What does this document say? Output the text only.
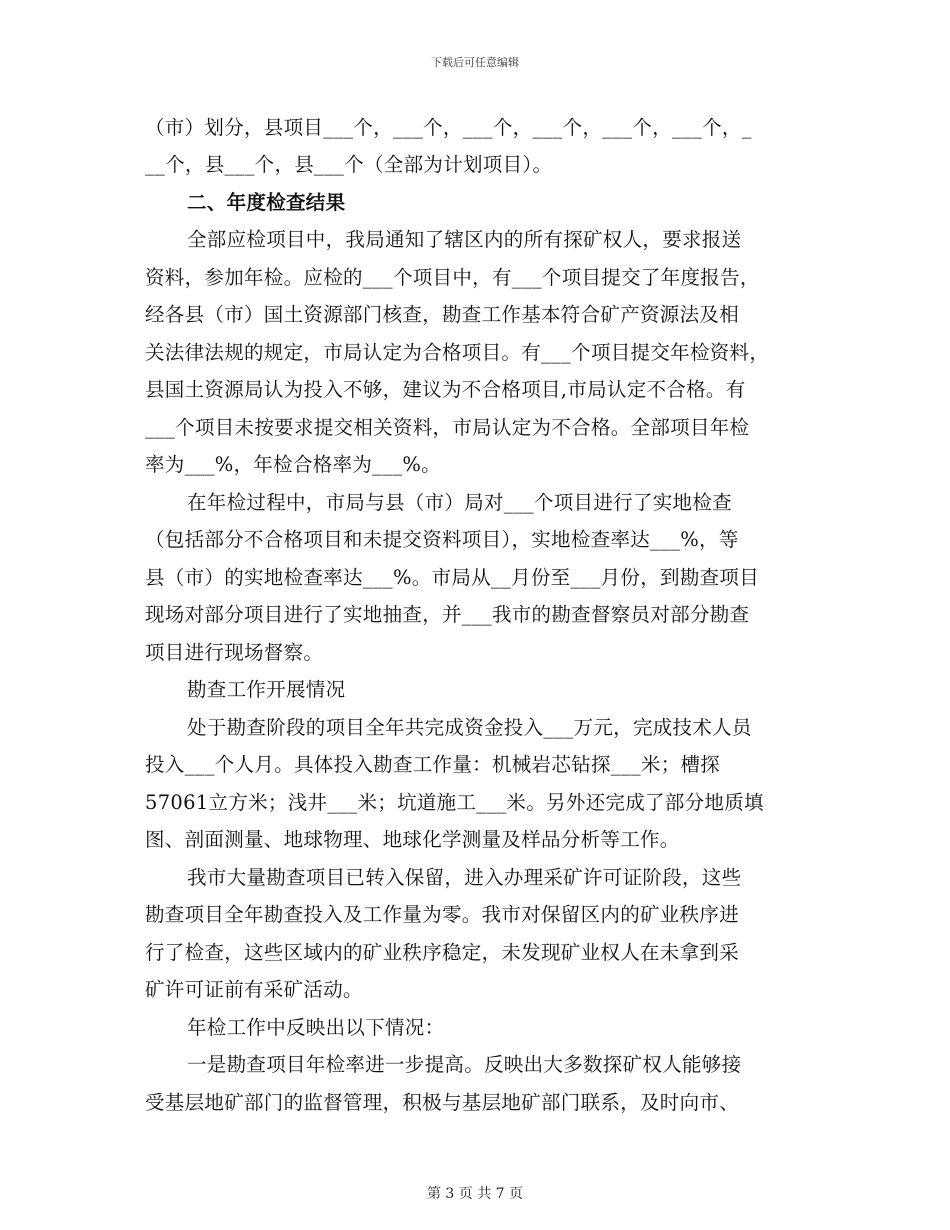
下载后可任意编辑
（市）划分，县项目___个，___个，___个，___个，___个，___个，_
__个，县___个，县___个（全部为计划项目）。
二、年度检查结果
全部应检项目中，我局通知了辖区内的所有探矿权人，要求报送
资料，参加年检。应检的___个项目中，有___个项目提交了年度报告，
经各县（市）国土资源部门核查，勘查工作基本符合矿产资源法及相
关法律法规的规定，市局认定为合格项目。有___个项目提交年检资料，
县国土资源局认为投入不够，建议为不合格项目,市局认定不合格。有
___个项目未按要求提交相关资料，市局认定为不合格。全部项目年检
率为___%，年检合格率为___%。
在年检过程中，市局与县（市）局对___个项目进行了实地检查
（包括部分不合格项目和未提交资料项目），实地检查率达___%，等
县（市）的实地检查率达___%。市局从__月份至___月份，到勘查项目
现场对部分项目进行了实地抽查，并___我市的勘查督察员对部分勘查
项目进行现场督察。
勘查工作开展情况
处于勘查阶段的项目全年共完成资金投入___万元，完成技术人员
投入___个人月。具体投入勘查工作量：机械岩芯钻探___米；槽探
57061立方米；浅井___米；坑道施工___米。另外还完成了部分地质填
图、剖面测量、地球物理、地球化学测量及样品分析等工作。
我市大量勘查项目已转入保留，进入办理采矿许可证阶段，这些
勘查项目全年勘查投入及工作量为零。我市对保留区内的矿业秩序进
行了检查，这些区域内的矿业秩序稳定，未发现矿业权人在未拿到采
矿许可证前有采矿活动。
年检工作中反映出以下情况：
一是勘查项目年检率进一步提高。反映出大多数探矿权人能够接
受基层地矿部门的监督管理，积极与基层地矿部门联系，及时向市、
第 3 页 共 7 页
